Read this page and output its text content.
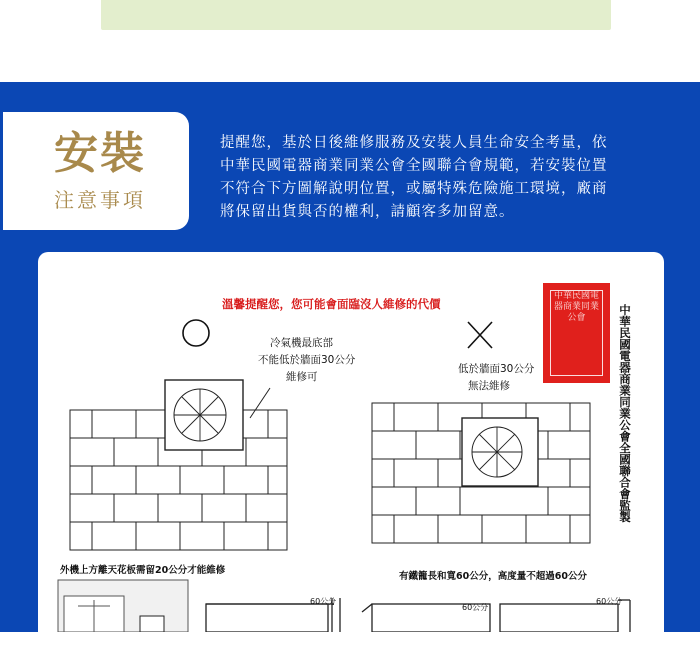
安裝
注意事項
提醒您，基於日後維修服務及安裝人員生命安全考量，依
中華民國電器商業同業公會全國聯合會規範，若安裝位置
不符合下方圖解說明位置，或屬特殊危險施工環境，廠商
將保留出貨與否的權利，請顧客多加留意。
溫馨提醒您，您可能會面臨沒人維修的代價
冷氣機最底部
不能低於牆面30公分
維修可
低於牆面30公分
無法維修
外機上方離天花板需留20公分才能維修
有鐵籠長和寬60公分，高度量不超過60公分
60公分
60公分
60公分
中華民國電器商業同業公會	中華民國電器商業同業公會全國聯合會監製
